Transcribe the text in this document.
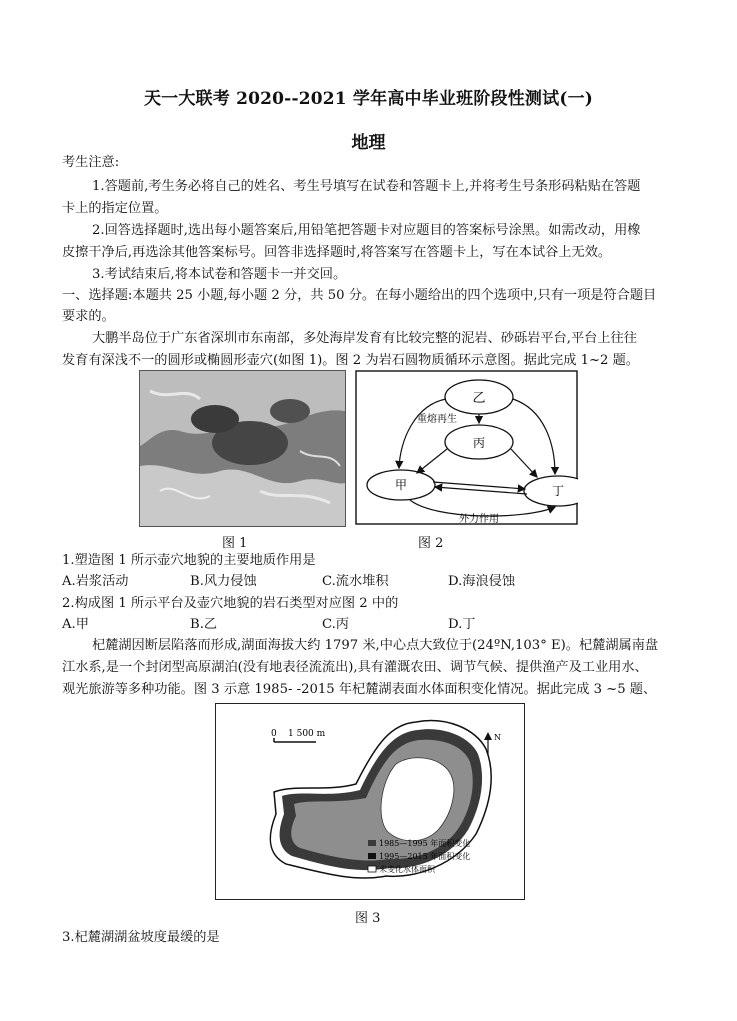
天一大联考 2020--2021 学年高中毕业班阶段性测试(一)
地理
考生注意:
1.答题前,考生务必将自己的姓名、考生号填写在试卷和答题卡上,并将考生号条形码粘贴在答题
卡上的指定位置。
2.回答选择题时,选出每小题答案后,用铅笔把答题卡对应题目的答案标号涂黑。如需改动，用橡
皮擦干净后,再选涂其他答案标号。回答非选择题时,将答案写在答题卡上，写在本试谷上无效。
3.考试结束后,将本试卷和答题卡一并交回。
一、选择题:本题共 25 小题,每小题 2 分，共 50 分。在每小题给出的四个选项中,只有一项是符合题目
要求的。
大鹏半岛位于广东省深圳市东南部，多处海岸发育有比较完整的泥岩、砂砾岩平台,平台上往往
发育有深浅不一的圆形或椭圆形壶穴(如图 1)。图 2 为岩石圆物质循环示意图。据此完成 1~2 题。
乙
丙
甲	丁
重熔再生
外力作用
图 1	图 2
1.塑造图 1 所示壶穴地貌的主要地质作用是
A.岩浆活动	B.风力侵蚀	C.流水堆积	D.海浪侵蚀
2.构成图 1 所示平台及壶穴地貌的岩石类型对应图 2 中的
A.甲	B.乙	C.丙	D.丁
杞麓湖因断层陷落而形成,湖面海拔大约 1797 米,中心点大致位于(24ºN,103° E)。杞麓湖属南盘
江水系,是一个封闭型高原湖泊(没有地表径流流出),具有灌溉农田、调节气候、提供渔产及工业用水、
观光旅游等多种功能。图 3 示意 1985- -2015 年杞麓湖表面水体面积变化情况。据此完成 3 ~5 题、
0 1 500 m	N
1985—1995 年面积变化
1995—2015 年面积变化
未变化水体面积
图 3
3.杞麓湖湖盆坡度最缓的是
